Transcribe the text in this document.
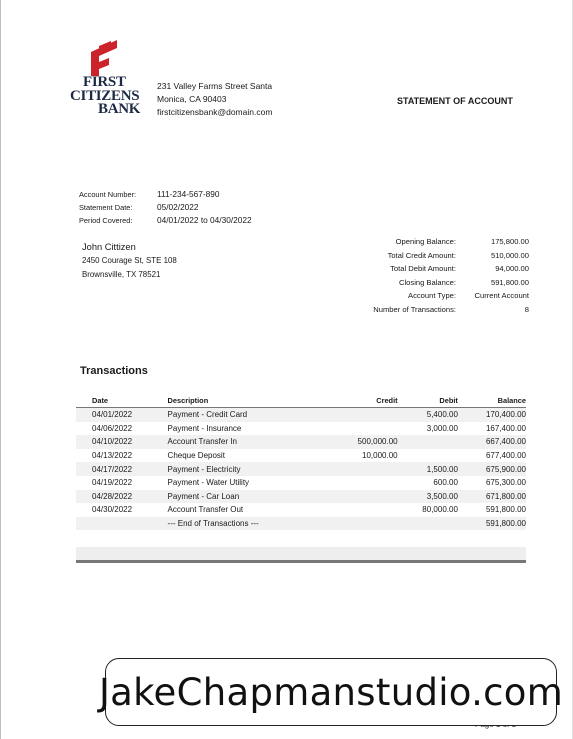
FIRST
CITIZENS
BANK
231 Valley Farms Street Santa
Monica, CA 90403
firstcitizensbank@domain.com
STATEMENT OF ACCOUNT
Account Number:	111-234-567-890
Statement Date:	05/02/2022
Period Covered:	04/01/2022 to 04/30/2022
John Cittizen
2450 Courage St, STE 108
Brownsville, TX 78521
Opening Balance:	175,800.00
Total Credit Amount:	510,000.00
Total Debit Amount:	94,000.00
Closing Balance:	591,800.00
Account Type:	Current Account
Number of Transactions:	8
Transactions
Date	Description	Credit	Debit	Balance
04/01/2022	Payment - Credit Card		5,400.00	170,400.00
04/06/2022	Payment - Insurance		3,000.00	167,400.00
04/10/2022	Account Transfer In	500,000.00		667,400.00
04/13/2022	Cheque Deposit	10,000.00		677,400.00
04/17/2022	Payment - Electricity		1,500.00	675,900.00
04/19/2022	Payment - Water Utility		600.00	675,300.00
04/28/2022	Payment - Car Loan		3,500.00	671,800.00
04/30/2022	Account Transfer Out		80,000.00	591,800.00
	--- End of Transactions ---			591,800.00
JakeChapmanstudio.com
